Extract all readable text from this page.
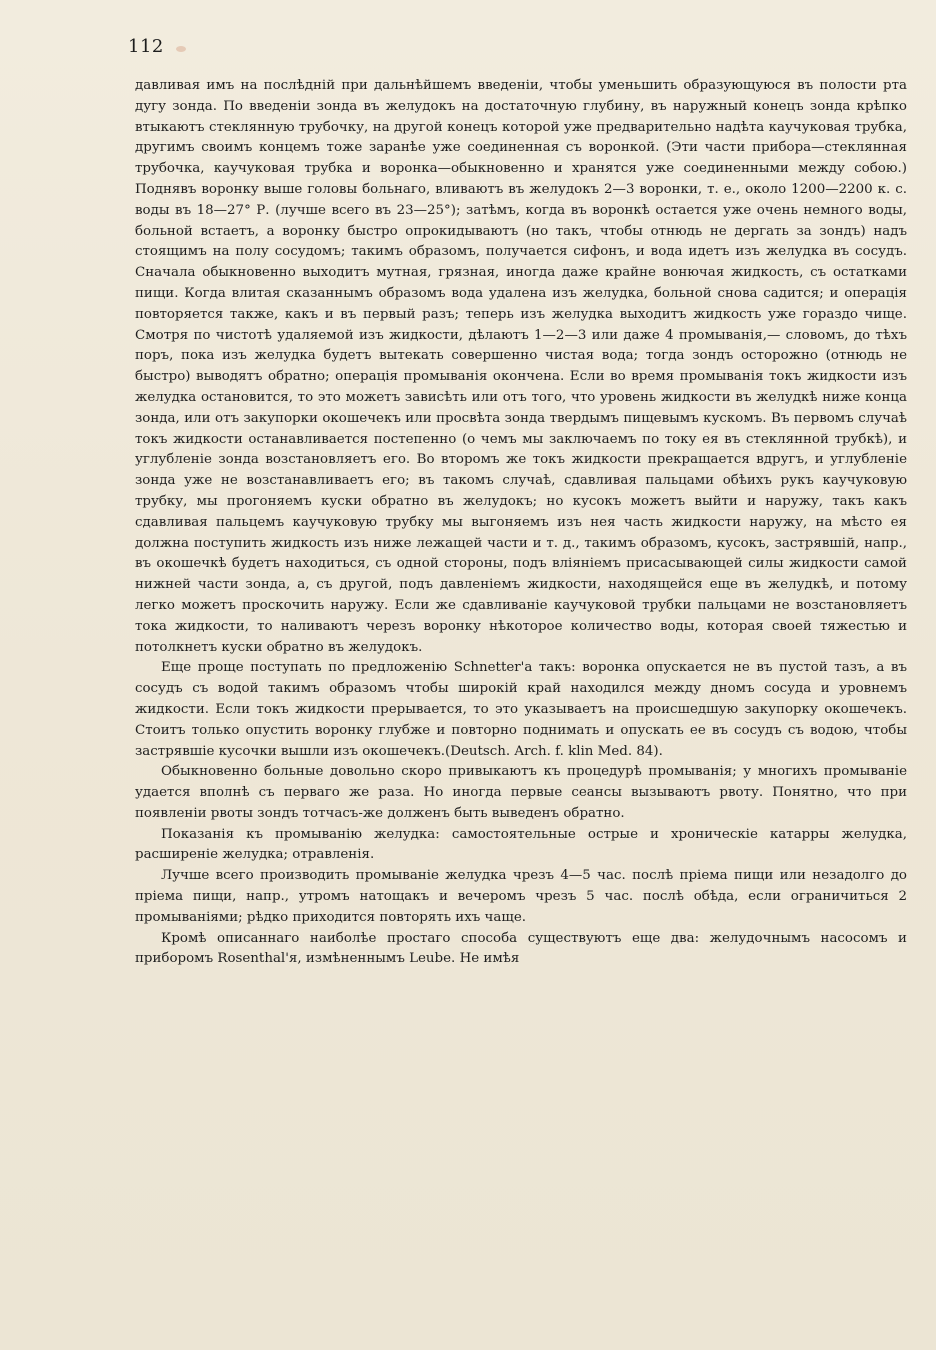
112

давливая имъ на послѣдній при дальнѣйшемъ введеніи, чтобы уменьшить образующуюся въ полости рта дугу зонда. По введеніи зонда въ желудокъ на достаточную глубину, въ наружный конецъ зонда крѣпко втыкаютъ стеклянную трубочку, на другой конецъ которой уже предварительно надѣта каучуковая трубка, другимъ своимъ концемъ тоже заранѣе уже соединенная съ воронкой. (Эти части прибора—стеклянная трубочка, каучуковая трубка и воронка—обыкновенно и хранятся уже соединенными между собою.) Поднявъ воронку выше головы больнаго, вливаютъ въ желудокъ 2—3 воронки, т. е., около 1200—2200 к. с. воды въ 18—27° Р. (лучше всего въ 23—25°); затѣмъ, когда въ воронкѣ остается уже очень немного воды, больной встаетъ, а воронку быстро опрокидываютъ (но такъ, чтобы отнюдь не дергать за зондъ) надъ стоящимъ на полу сосудомъ; такимъ образомъ, получается сифонъ, и вода идетъ изъ желудка въ сосудъ. Сначала обыкновенно выходитъ мутная, грязная, иногда даже крайне вонючая жидкость, съ остатками пищи. Когда влитая сказаннымъ образомъ вода удалена изъ желудка, больной снова садится; и операція повторяется также, какъ и въ первый разъ; теперь изъ желудка выходитъ жидкость уже гораздо чище. Смотря по чистотѣ удаляемой изъ жидкости, дѣлаютъ 1—2—3 или даже 4 промыванія,— словомъ, до тѣхъ поръ, пока изъ желудка будетъ вытекать совершенно чистая вода; тогда зондъ осторожно (отнюдь не быстро) выводятъ обратно; операція промыванія окончена. Если во время промыванія токъ жидкости изъ желудка остановится, то это можетъ зависѣть или отъ того, что уровень жидкости въ желудкѣ ниже конца зонда, или отъ закупорки окошечекъ или просвѣта зонда твердымъ пищевымъ кускомъ. Въ первомъ случаѣ токъ жидкости останавливается постепенно (о чемъ мы заключаемъ по току ея въ стеклянной трубкѣ), и углубленіе зонда возстановляетъ его. Во второмъ же токъ жидкости прекращается вдругъ, и углубленіе зонда уже не возстанавливаетъ его; въ такомъ случаѣ, сдавливая пальцами обѣихъ рукъ каучуковую трубку, мы прогоняемъ куски обратно въ желудокъ; но кусокъ можетъ выйти и наружу, такъ какъ сдавливая пальцемъ каучуковую трубку мы выгоняемъ изъ нея часть жидкости наружу, на мѣсто ея должна поступить жидкость изъ ниже лежащей части и т. д., такимъ образомъ, кусокъ, застрявшій, напр., въ окошечкѣ будетъ находиться, съ одной стороны, подъ вліяніемъ присасывающей силы жидкости самой нижней части зонда, а, съ другой, подъ давленіемъ жидкости, находящейся еще въ желудкѣ, и потому легко можетъ проскочить наружу. Если же сдавливаніе каучуковой трубки пальцами не возстановляетъ тока жидкости, то наливаютъ черезъ воронку нѣкоторое количество воды, которая своей тяжестью и потолкнетъ куски обратно въ желудокъ.

Еще проще поступать по предложенію Schnetter'а такъ: воронка опускается не въ пустой тазъ, а въ сосудъ съ водой такимъ образомъ чтобы широкій край находился между дномъ сосуда и уровнемъ жидкости. Если токъ жидкости прерывается, то это указываетъ на происшедшую закупорку окошечекъ. Стоитъ только опустить воронку глубже и повторно поднимать и опускать ее въ сосудъ съ водою, чтобы застрявшіе кусочки вышли изъ окошечекъ.(Deutsch. Arch. f. klin Med. 84).

Обыкновенно больные довольно скоро привыкаютъ къ процедурѣ промыванія; у многихъ промываніе удается вполнѣ съ перваго же раза. Но иногда первые сеансы вызываютъ рвоту. Понятно, что при появленіи рвоты зондъ тотчасъ-же долженъ быть выведенъ обратно.

Показанія къ промыванію желудка: самостоятельные острые и хроническіе катарры желудка, расширеніе желудка; отравленія.

Лучше всего производить промываніе желудка чрезъ 4—5 час. послѣ пріема пищи или незадолго до пріема пищи, напр., утромъ натощакъ и вечеромъ чрезъ 5 час. послѣ обѣда, если ограничиться 2 промываніями; рѣдко приходится повторять ихъ чаще.

Кромѣ описаннаго наиболѣе простаго способа существуютъ еще два: желудочнымъ насосомъ и приборомъ Rosenthal'я, измѣненнымъ Leube. Не имѣя
